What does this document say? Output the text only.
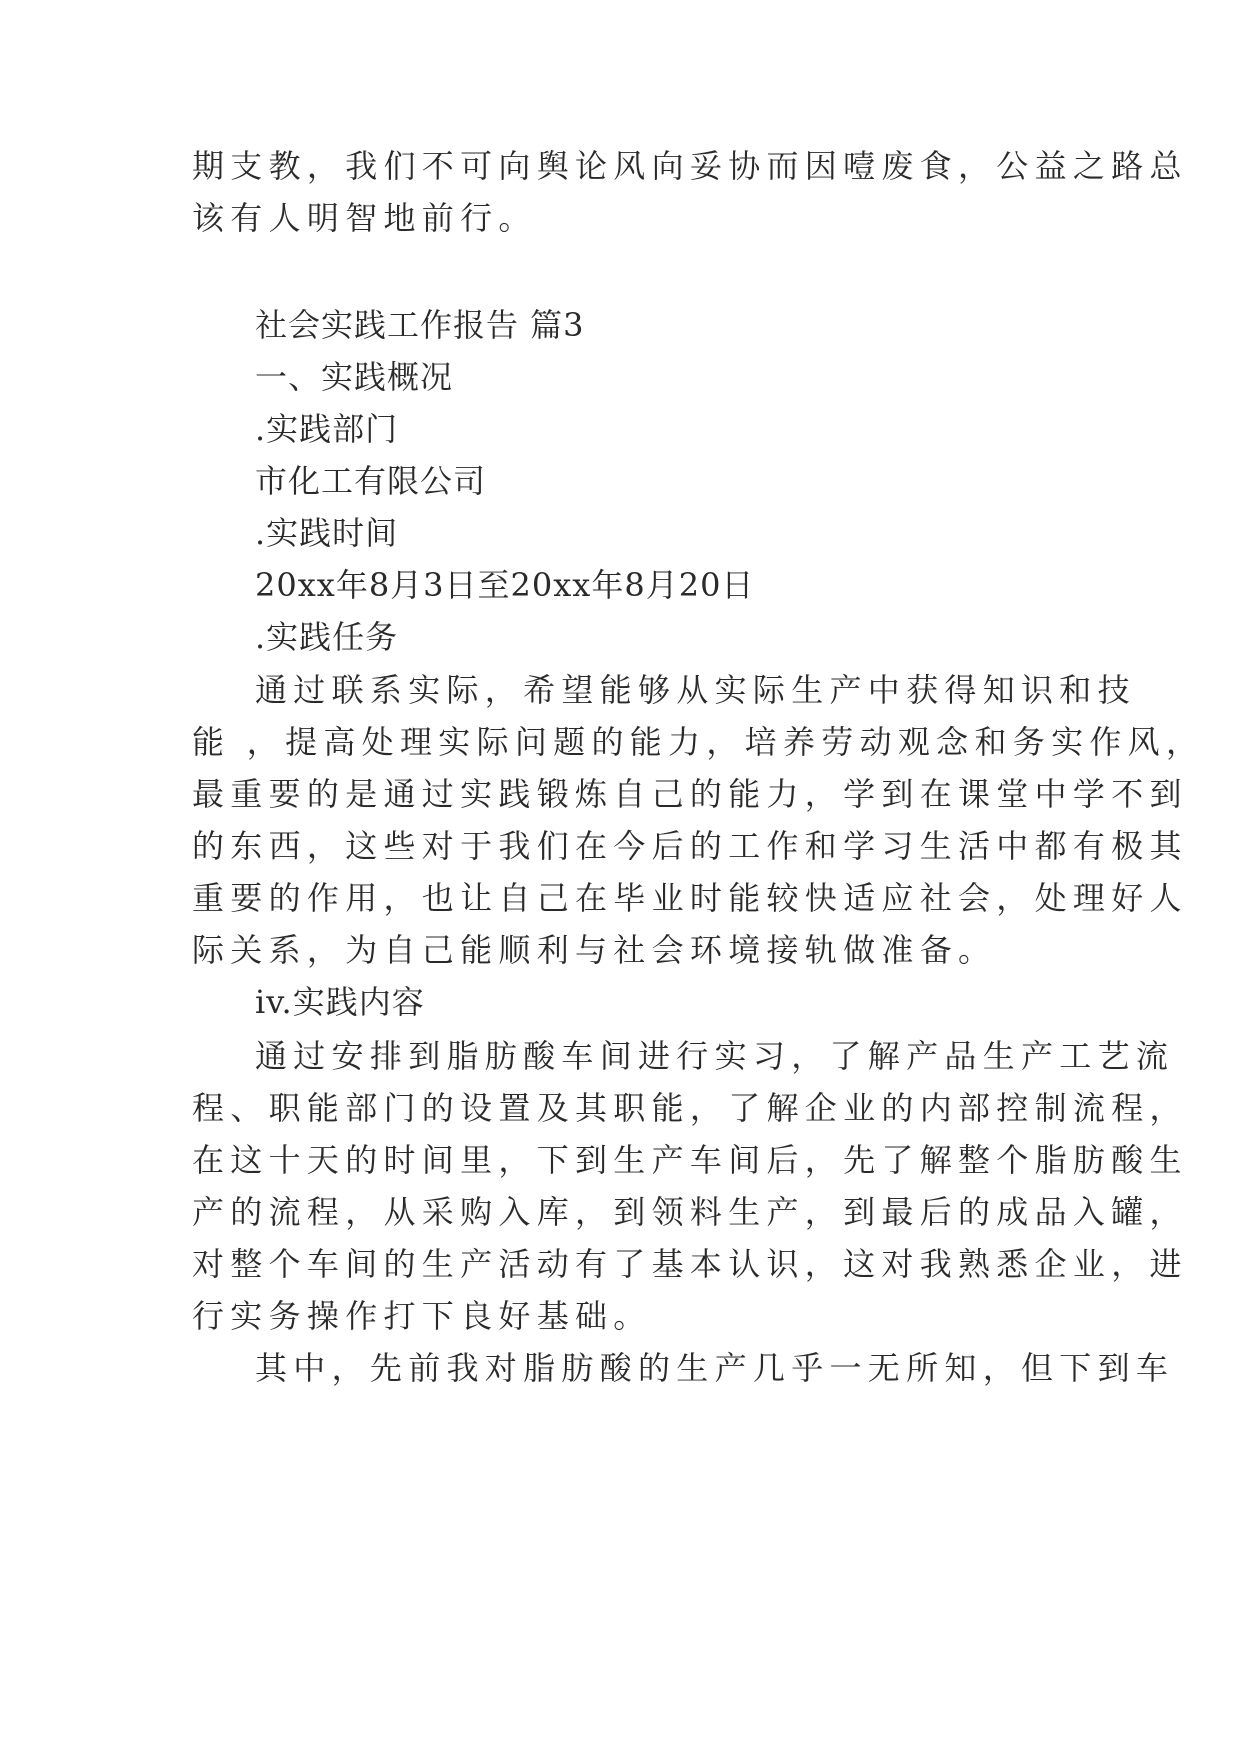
期支教，我们不可向舆论风向妥协而因噎废食，公益之路总
该有人明智地前行。
社会实践工作报告 篇3
一、实践概况
.实践部门
市化工有限公司
.实践时间
20xx年8月3日至20xx年8月20日
.实践任务
通过联系实际，希望能够从实际生产中获得知识和技
能 ，提高处理实际问题的能力，培养劳动观念和务实作风，
最重要的是通过实践锻炼自己的能力，学到在课堂中学不到
的东西，这些对于我们在今后的工作和学习生活中都有极其
重要的作用，也让自己在毕业时能较快适应社会，处理好人
际关系，为自己能顺利与社会环境接轨做准备。
iv.实践内容
通过安排到脂肪酸车间进行实习，了解产品生产工艺流
程、职能部门的设置及其职能，了解企业的内部控制流程，
在这十天的时间里，下到生产车间后，先了解整个脂肪酸生
产的流程，从采购入库，到领料生产，到最后的成品入罐，
对整个车间的生产活动有了基本认识，这对我熟悉企业，进
行实务操作打下良好基础。
其中，先前我对脂肪酸的生产几乎一无所知，但下到车
